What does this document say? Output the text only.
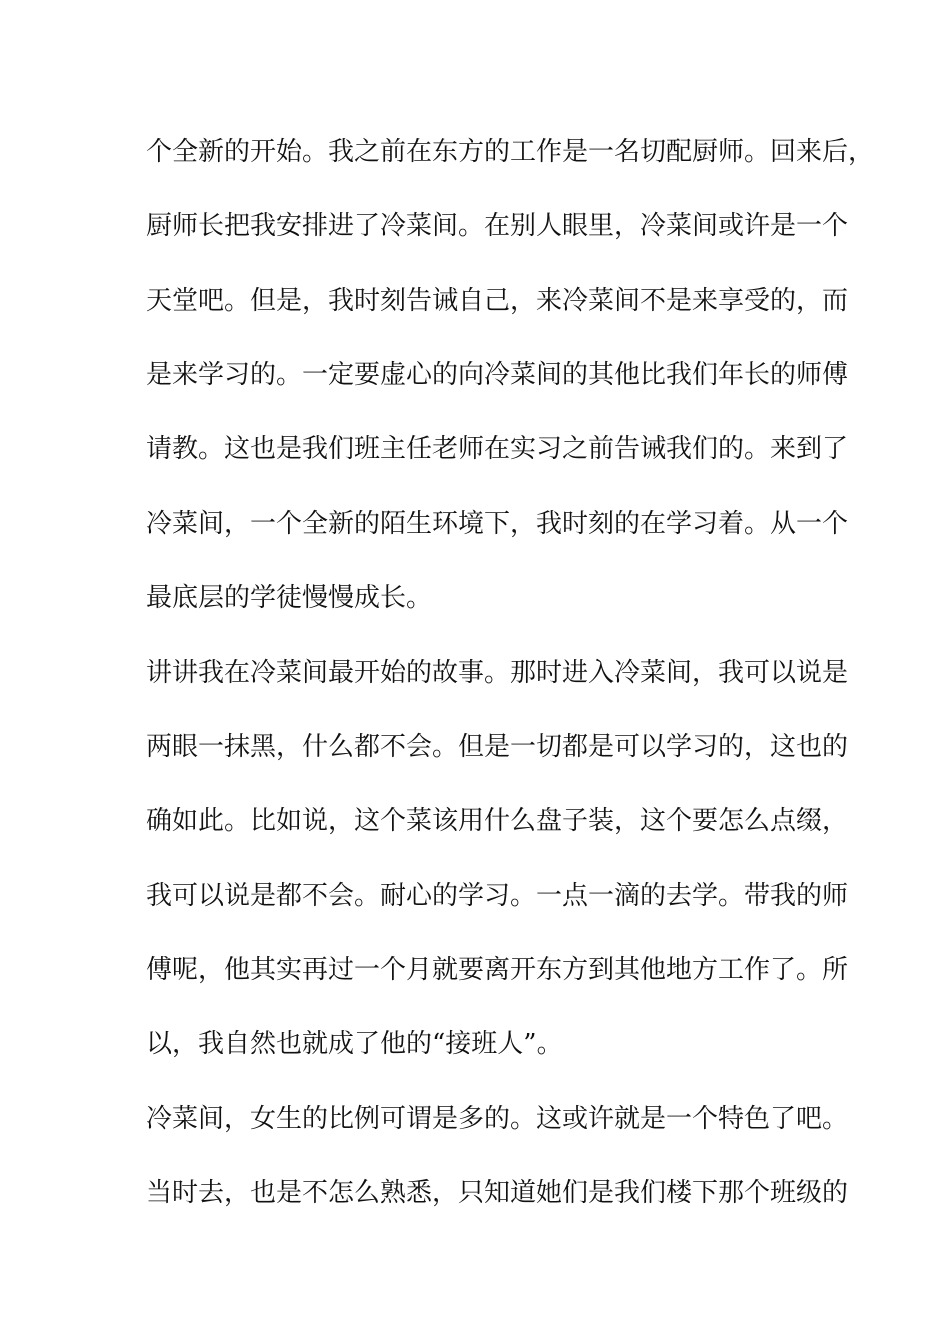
个全新的开始。我之前在东方的工作是一名切配厨师。回来后，
厨师长把我安排进了冷菜间。在别人眼里，冷菜间或许是一个
天堂吧。但是，我时刻告诫自己，来冷菜间不是来享受的，而
是来学习的。一定要虚心的向冷菜间的其他比我们年长的师傅
请教。这也是我们班主任老师在实习之前告诫我们的。来到了
冷菜间，一个全新的陌生环境下，我时刻的在学习着。从一个
最底层的学徒慢慢成长。
讲讲我在冷菜间最开始的故事。那时进入冷菜间，我可以说是
两眼一抹黑，什么都不会。但是一切都是可以学习的，这也的
确如此。比如说，这个菜该用什么盘子装，这个要怎么点缀，
我可以说是都不会。耐心的学习。一点一滴的去学。带我的师
傅呢，他其实再过一个月就要离开东方到其他地方工作了。所
以，我自然也就成了他的“接班人”。
冷菜间，女生的比例可谓是多的。这或许就是一个特色了吧。
当时去，也是不怎么熟悉，只知道她们是我们楼下那个班级的
